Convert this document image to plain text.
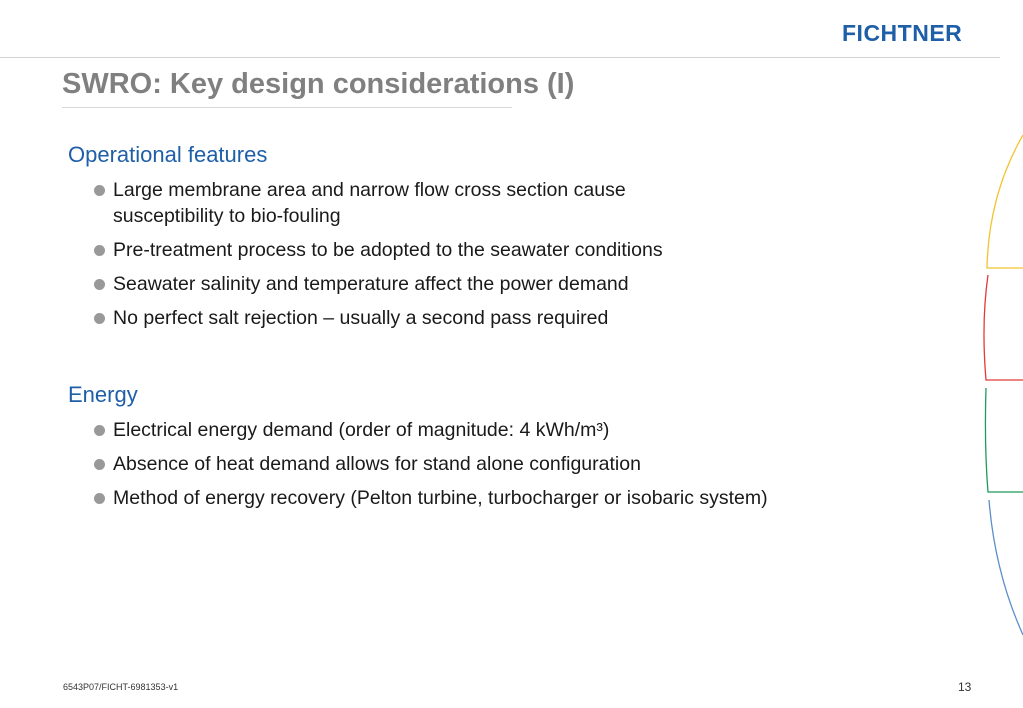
FICHTNER
SWRO: Key design considerations (I)
Operational features
Large membrane area and narrow flow cross section cause
susceptibility to bio-fouling
Pre-treatment process to be adopted to the seawater conditions
Seawater salinity and temperature affect the power demand
No perfect salt rejection – usually a second pass required
Energy
Electrical energy demand (order of magnitude: 4 kWh/m³)
Absence of heat demand allows for stand alone configuration
Method of energy recovery (Pelton turbine, turbocharger or isobaric system)
6543P07/FICHT-6981353-v1	13
